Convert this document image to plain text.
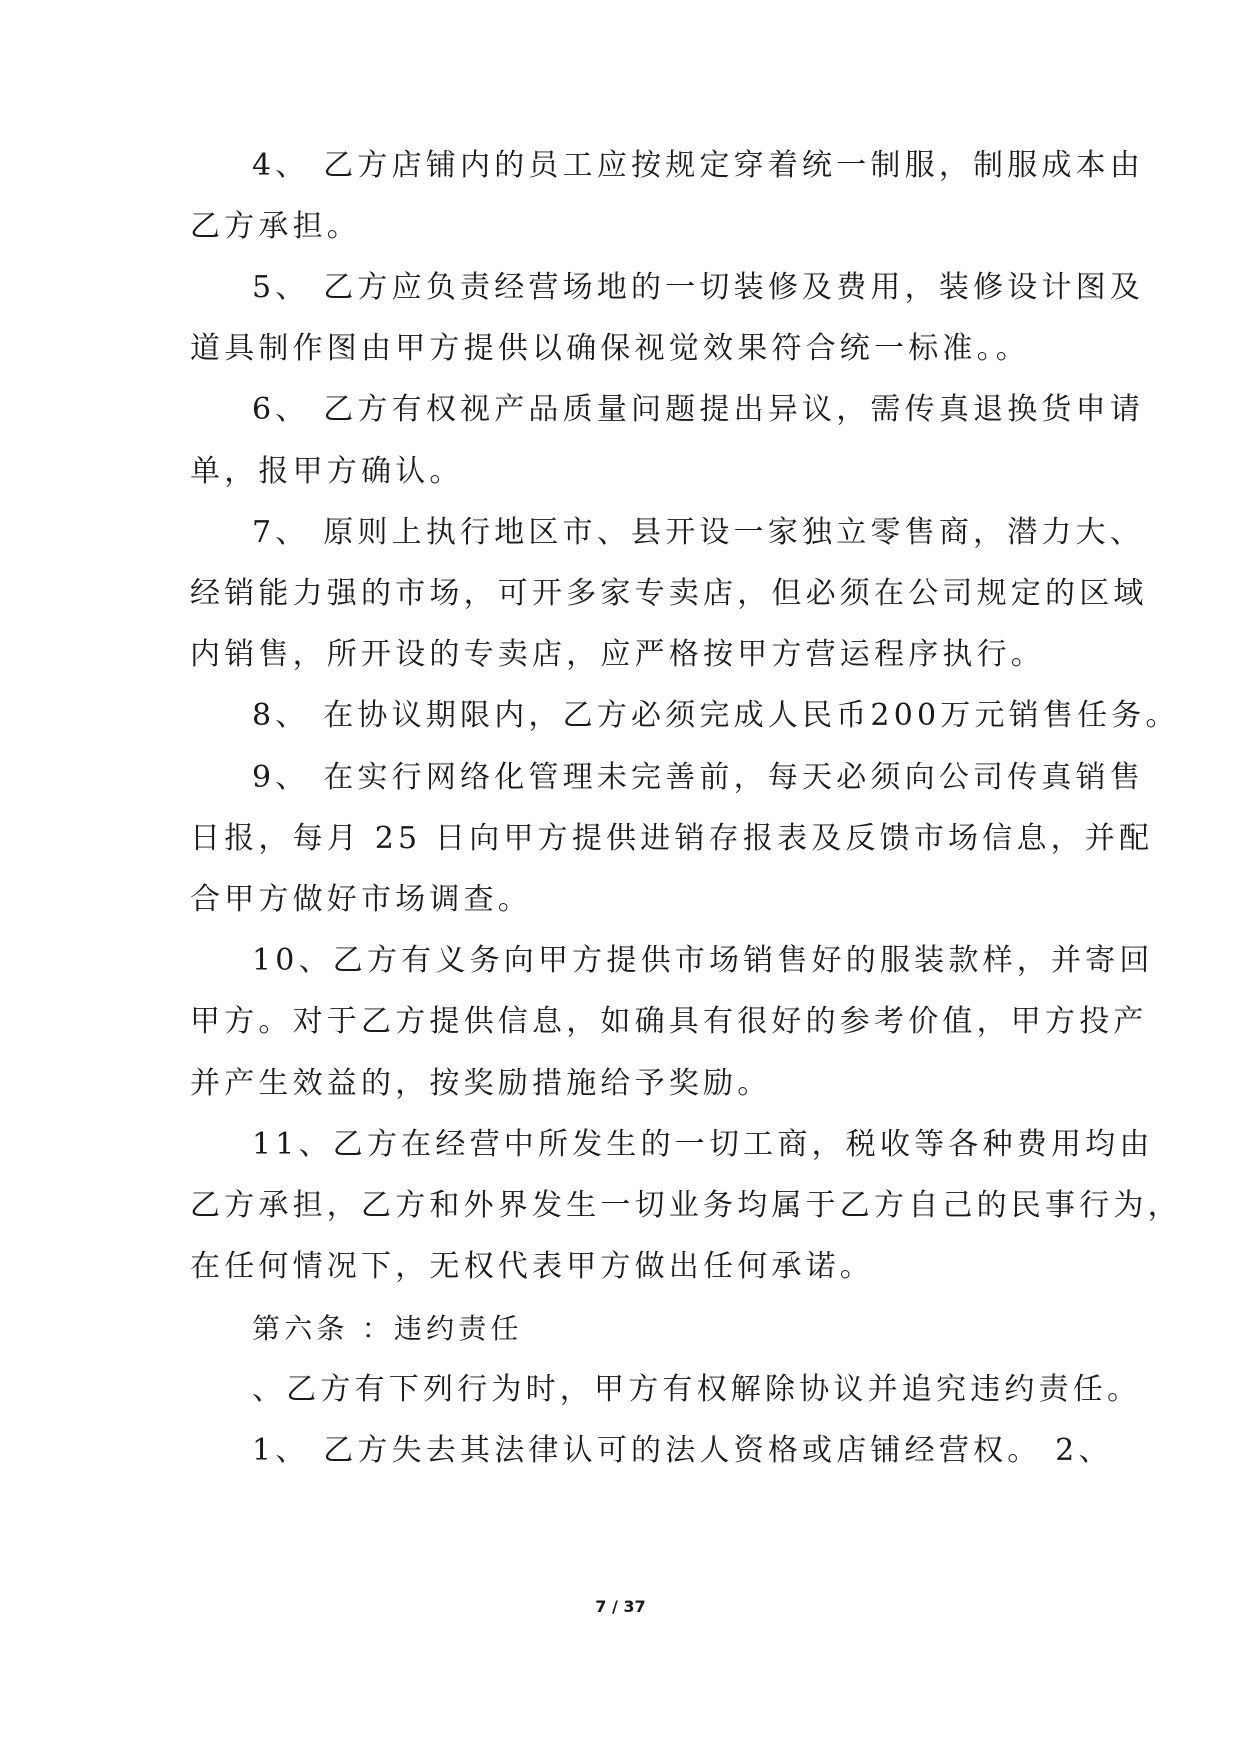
4、 乙方店铺内的员工应按规定穿着统一制服，制服成本由
乙方承担。
5、 乙方应负责经营场地的一切装修及费用，装修设计图及
道具制作图由甲方提供以确保视觉效果符合统一标准。。
6、 乙方有权视产品质量问题提出异议，需传真退换货申请
单，报甲方确认。
7、 原则上执行地区市、县开设一家独立零售商，潜力大、
经销能力强的市场，可开多家专卖店，但必须在公司规定的区域
内销售，所开设的专卖店，应严格按甲方营运程序执行。
8、 在协议期限内，乙方必须完成人民币200万元销售任务。
9、 在实行网络化管理未完善前，每天必须向公司传真销售
日报，每月 25 日向甲方提供进销存报表及反馈市场信息，并配
合甲方做好市场调查。
10、乙方有义务向甲方提供市场销售好的服装款样，并寄回
甲方。对于乙方提供信息，如确具有很好的参考价值，甲方投产
并产生效益的，按奖励措施给予奖励。
11、乙方在经营中所发生的一切工商，税收等各种费用均由
乙方承担，乙方和外界发生一切业务均属于乙方自己的民事行为，
在任何情况下，无权代表甲方做出任何承诺。
第六条 ：违约责任
、乙方有下列行为时，甲方有权解除协议并追究违约责任。
1、 乙方失去其法律认可的法人资格或店铺经营权。 2、
7 / 37
